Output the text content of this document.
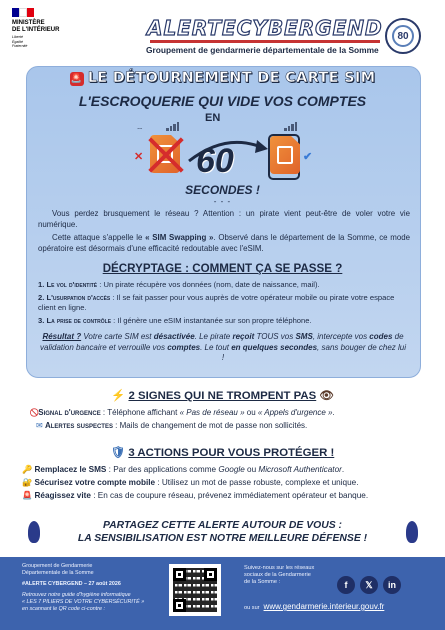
MINISTÈRE
DE L'INTÉRIEUR
Liberté
Égalité
Fraternité
ALERTECYBERGEND
Groupement de gendarmerie départementale de la Somme
80
🚨 LE DÉTOURNEMENT DE CARTE SIM
L'ESCROQUERIE QUI VIDE VOS COMPTES
EN
⌔
✕	✔
60
SECONDES !
- - -
Vous perdez brusquement le réseau ? Attention : un pirate vient peut-être de voler votre vie numérique.
Cette attaque s'appelle le « SIM Swapping ». Observé dans le département de la Somme, ce mode opératoire est désormais d'une efficacité redoutable avec l'eSIM.
DÉCRYPTAGE : COMMENT ÇA SE PASSE ?
1. Le vol d'identité : Un pirate récupère vos données (nom, date de naissance, mail).
2. L'usurpation d'accès : Il se fait passer pour vous auprès de votre opérateur mobile ou pirate votre espace client en ligne.
3. La prise de contrôle : Il génère une eSIM instantanée sur son propre téléphone.
Résultat ? Votre carte SIM est désactivée. Le pirate reçoit TOUS vos SMS, intercepte vos codes de validation bancaire et verrouille vos comptes. Le tout en quelques secondes, sans bouger de chez lui !
⚡ 2 SIGNES QUI NE TROMPENT PAS 👁
Signal d'urgence : Téléphone affichant « Pas de réseau » ou « Appels d'urgence ».
✉ Alertes suspectes : Mails de changement de mot de passe non sollicités.
🛡 3 ACTIONS POUR VOUS PROTÉGER !
🔑 Remplacez le SMS : Par des applications comme Google ou Microsoft Authenticator.
🔐 Sécurisez votre compte mobile : Utilisez un mot de passe robuste, complexe et unique.
🚨 Réagissez vite : En cas de coupure réseau, prévenez immédiatement opérateur et banque.
PARTAGEZ CETTE ALERTE AUTOUR DE VOUS :
LA SENSIBILISATION EST NOTRE MEILLEURE DÉFENSE !
Groupement de Gendarmerie
Départementale de la Somme
#ALERTE CYBERGEND – 27 août 2026
Retrouvez notre guide d'hygiène informatique
« LES 7 PILIERS DE VOTRE CYBERSÉCURITÉ »
en scannant le QR code ci-contre :
Suivez-nous sur les réseaux
sociaux de la Gendarmerie
de la Somme :	f	𝕏	in
ou sur www.gendarmerie.interieur.gouv.fr
